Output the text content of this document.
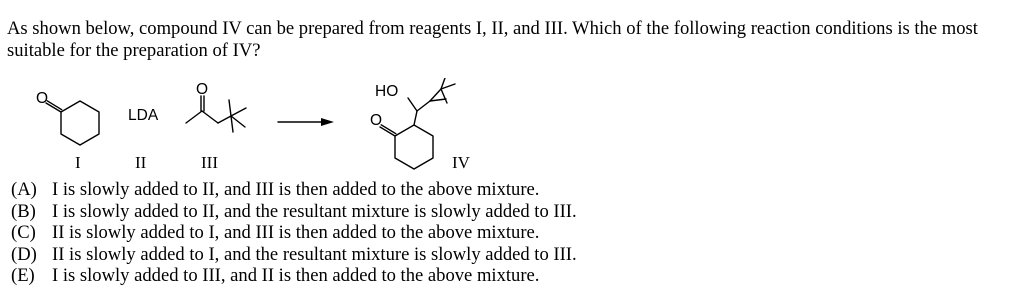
As shown below, compound IV can be prepared from reagents I, II, and III. Which of the following reaction conditions is the most suitable for the preparation of IV?
O
O
O
LDA
HO
I	II	III	IV
(A) I is slowly added to II, and III is then added to the above mixture.
(B) I is slowly added to II, and the resultant mixture is slowly added to III.
(C) II is slowly added to I, and III is then added to the above mixture.
(D) II is slowly added to I, and the resultant mixture is slowly added to III.
(E) I is slowly added to III, and II is then added to the above mixture.
